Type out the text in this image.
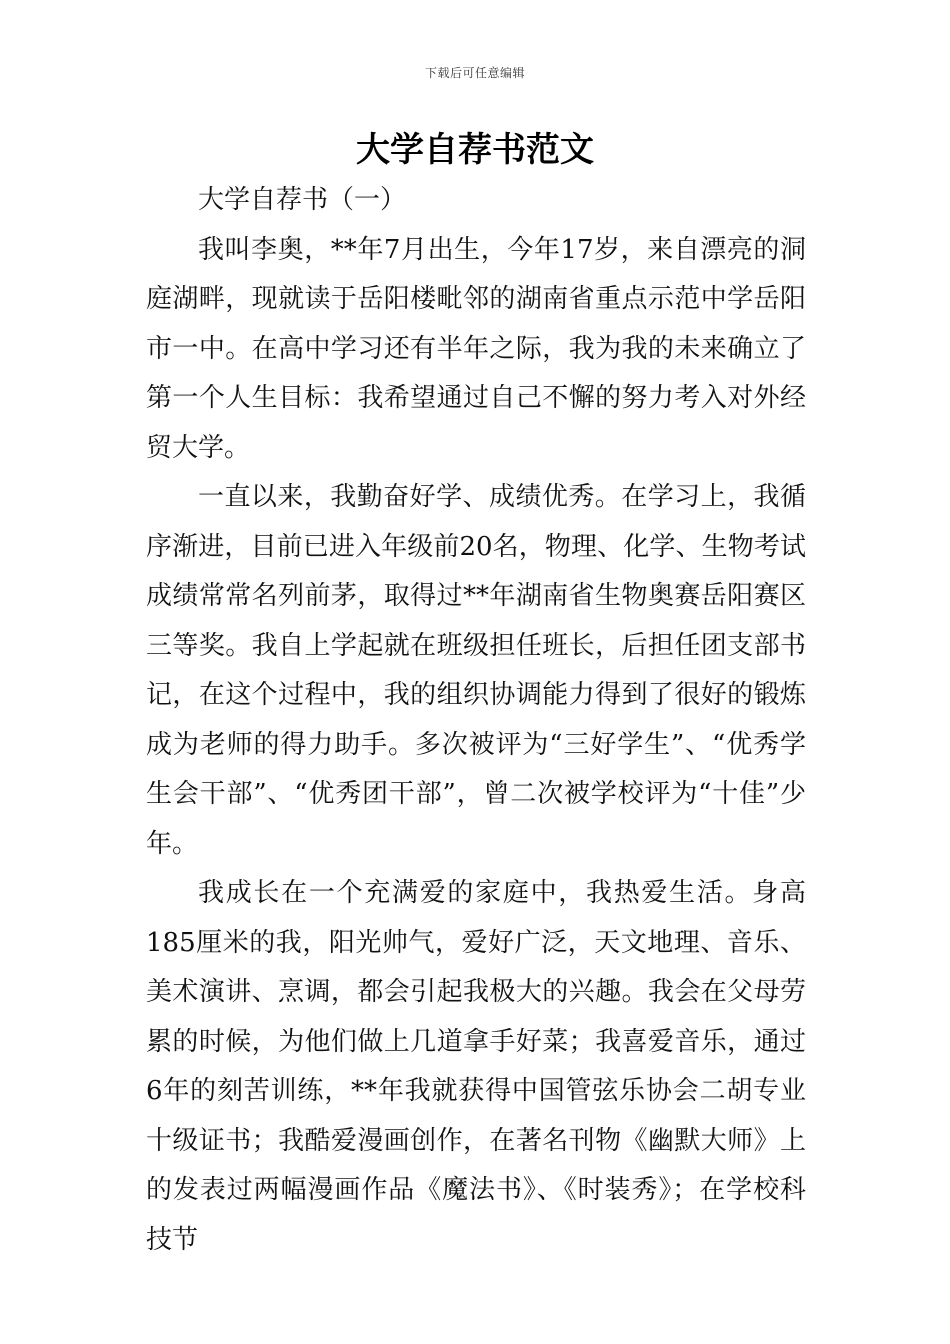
下载后可任意编辑
大学自荐书范文

大学自荐书（一）

我叫李奥，**年7月出生，今年17岁，来自漂亮的洞庭湖畔，现就读于岳阳楼毗邻的湖南省重点示范中学岳阳市一中。在高中学习还有半年之际，我为我的未来确立了第一个人生目标：我希望通过自己不懈的努力考入对外经贸大学。

一直以来，我勤奋好学、成绩优秀。在学习上，我循序渐进，目前已进入年级前20名，物理、化学、生物考试成绩常常名列前茅，取得过**年湖南省生物奥赛岳阳赛区三等奖。我自上学起就在班级担任班长，后担任团支部书记，在这个过程中，我的组织协调能力得到了很好的锻炼成为老师的得力助手。多次被评为“三好学生”、“优秀学生会干部”、“优秀团干部”，曾二次被学校评为“十佳”少年。

我成长在一个充满爱的家庭中，我热爱生活。身高185厘米的我，阳光帅气，爱好广泛，天文地理、音乐、美术演讲、烹调，都会引起我极大的兴趣。我会在父母劳累的时候，为他们做上几道拿手好菜；我喜爱音乐，通过6年的刻苦训练，**年我就获得中国管弦乐协会二胡专业十级证书；我酷爱漫画创作，在著名刊物《幽默大师》上的发表过两幅漫画作品《魔法书》、《时装秀》；在学校科技节
